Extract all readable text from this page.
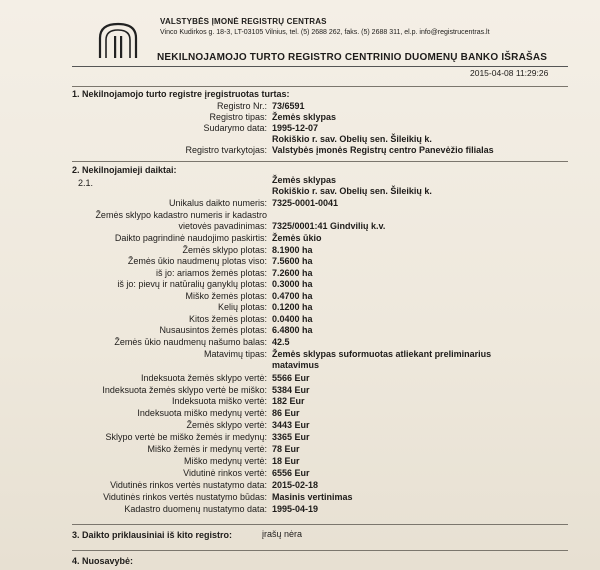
VALSTYBĖS ĮMONĖ REGISTRŲ CENTRAS
Vinco Kudirkos g. 18-3, LT-03105 Vilnius, tel. (5) 2688 262, faks. (5) 2688 311, el.p. info@registrucentras.lt
NEKILNOJAMOJO TURTO REGISTRO CENTRINIO DUOMENŲ BANKO IŠRAŠAS
2015-04-08 11:29:26
1. Nekilnojamojo turto registre įregistruotas turtas:
Registro Nr.: 73/6591
Registro tipas: Žemės sklypas
Sudarymo data: 1995-12-07
Rokiškio r. sav. Obelių sen. Šileikių k.
Registro tvarkytojas: Valstybės įmonės Registrų centro Panevėžio filialas
2. Nekilnojamieji daiktai:
2.1.	Žemės sklypas
Rokiškio r. sav. Obelių sen. Šileikių k.
Unikalus daikto numeris: 7325-0001-0041
Žemės sklypo kadastro numeris ir kadastro
vietovės pavadinimas: 7325/0001:41 Gindvilių k.v.
Daikto pagrindinė naudojimo paskirtis: Žemės ūkio
Žemės sklypo plotas: 8.1900 ha
Žemės ūkio naudmenų plotas viso: 7.5600 ha
iš jo: ariamos žemės plotas: 7.2600 ha
iš jo: pievų ir natūralių ganyklų plotas: 0.3000 ha
Miško žemės plotas: 0.4700 ha
Kelių plotas: 0.1200 ha
Kitos žemės plotas: 0.0400 ha
Nusausintos žemės plotas: 6.4800 ha
Žemės ūkio naudmenų našumo balas: 42.5
Matavimų tipas: Žemės sklypas suformuotas atliekant preliminarius
matavimus
Indeksuota žemės sklypo vertė: 5566 Eur
Indeksuota žemės sklypo vertė be miško: 5384 Eur
Indeksuota miško vertė: 182 Eur
Indeksuota miško medynų vertė: 86 Eur
Žemės sklypo vertė: 3443 Eur
Sklypo vertė be miško žemės ir medynų: 3365 Eur
Miško žemės ir medynų vertė: 78 Eur
Miško medynų vertė: 18 Eur
Vidutinė rinkos vertė: 6556 Eur
Vidutinės rinkos vertės nustatymo data: 2015-02-18
Vidutinės rinkos vertės nustatymo būdas: Masinis vertinimas
Kadastro duomenų nustatymo data: 1995-04-19
3. Daikto priklausiniai iš kito registro:	įrašų nėra
4. Nuosavybė:
